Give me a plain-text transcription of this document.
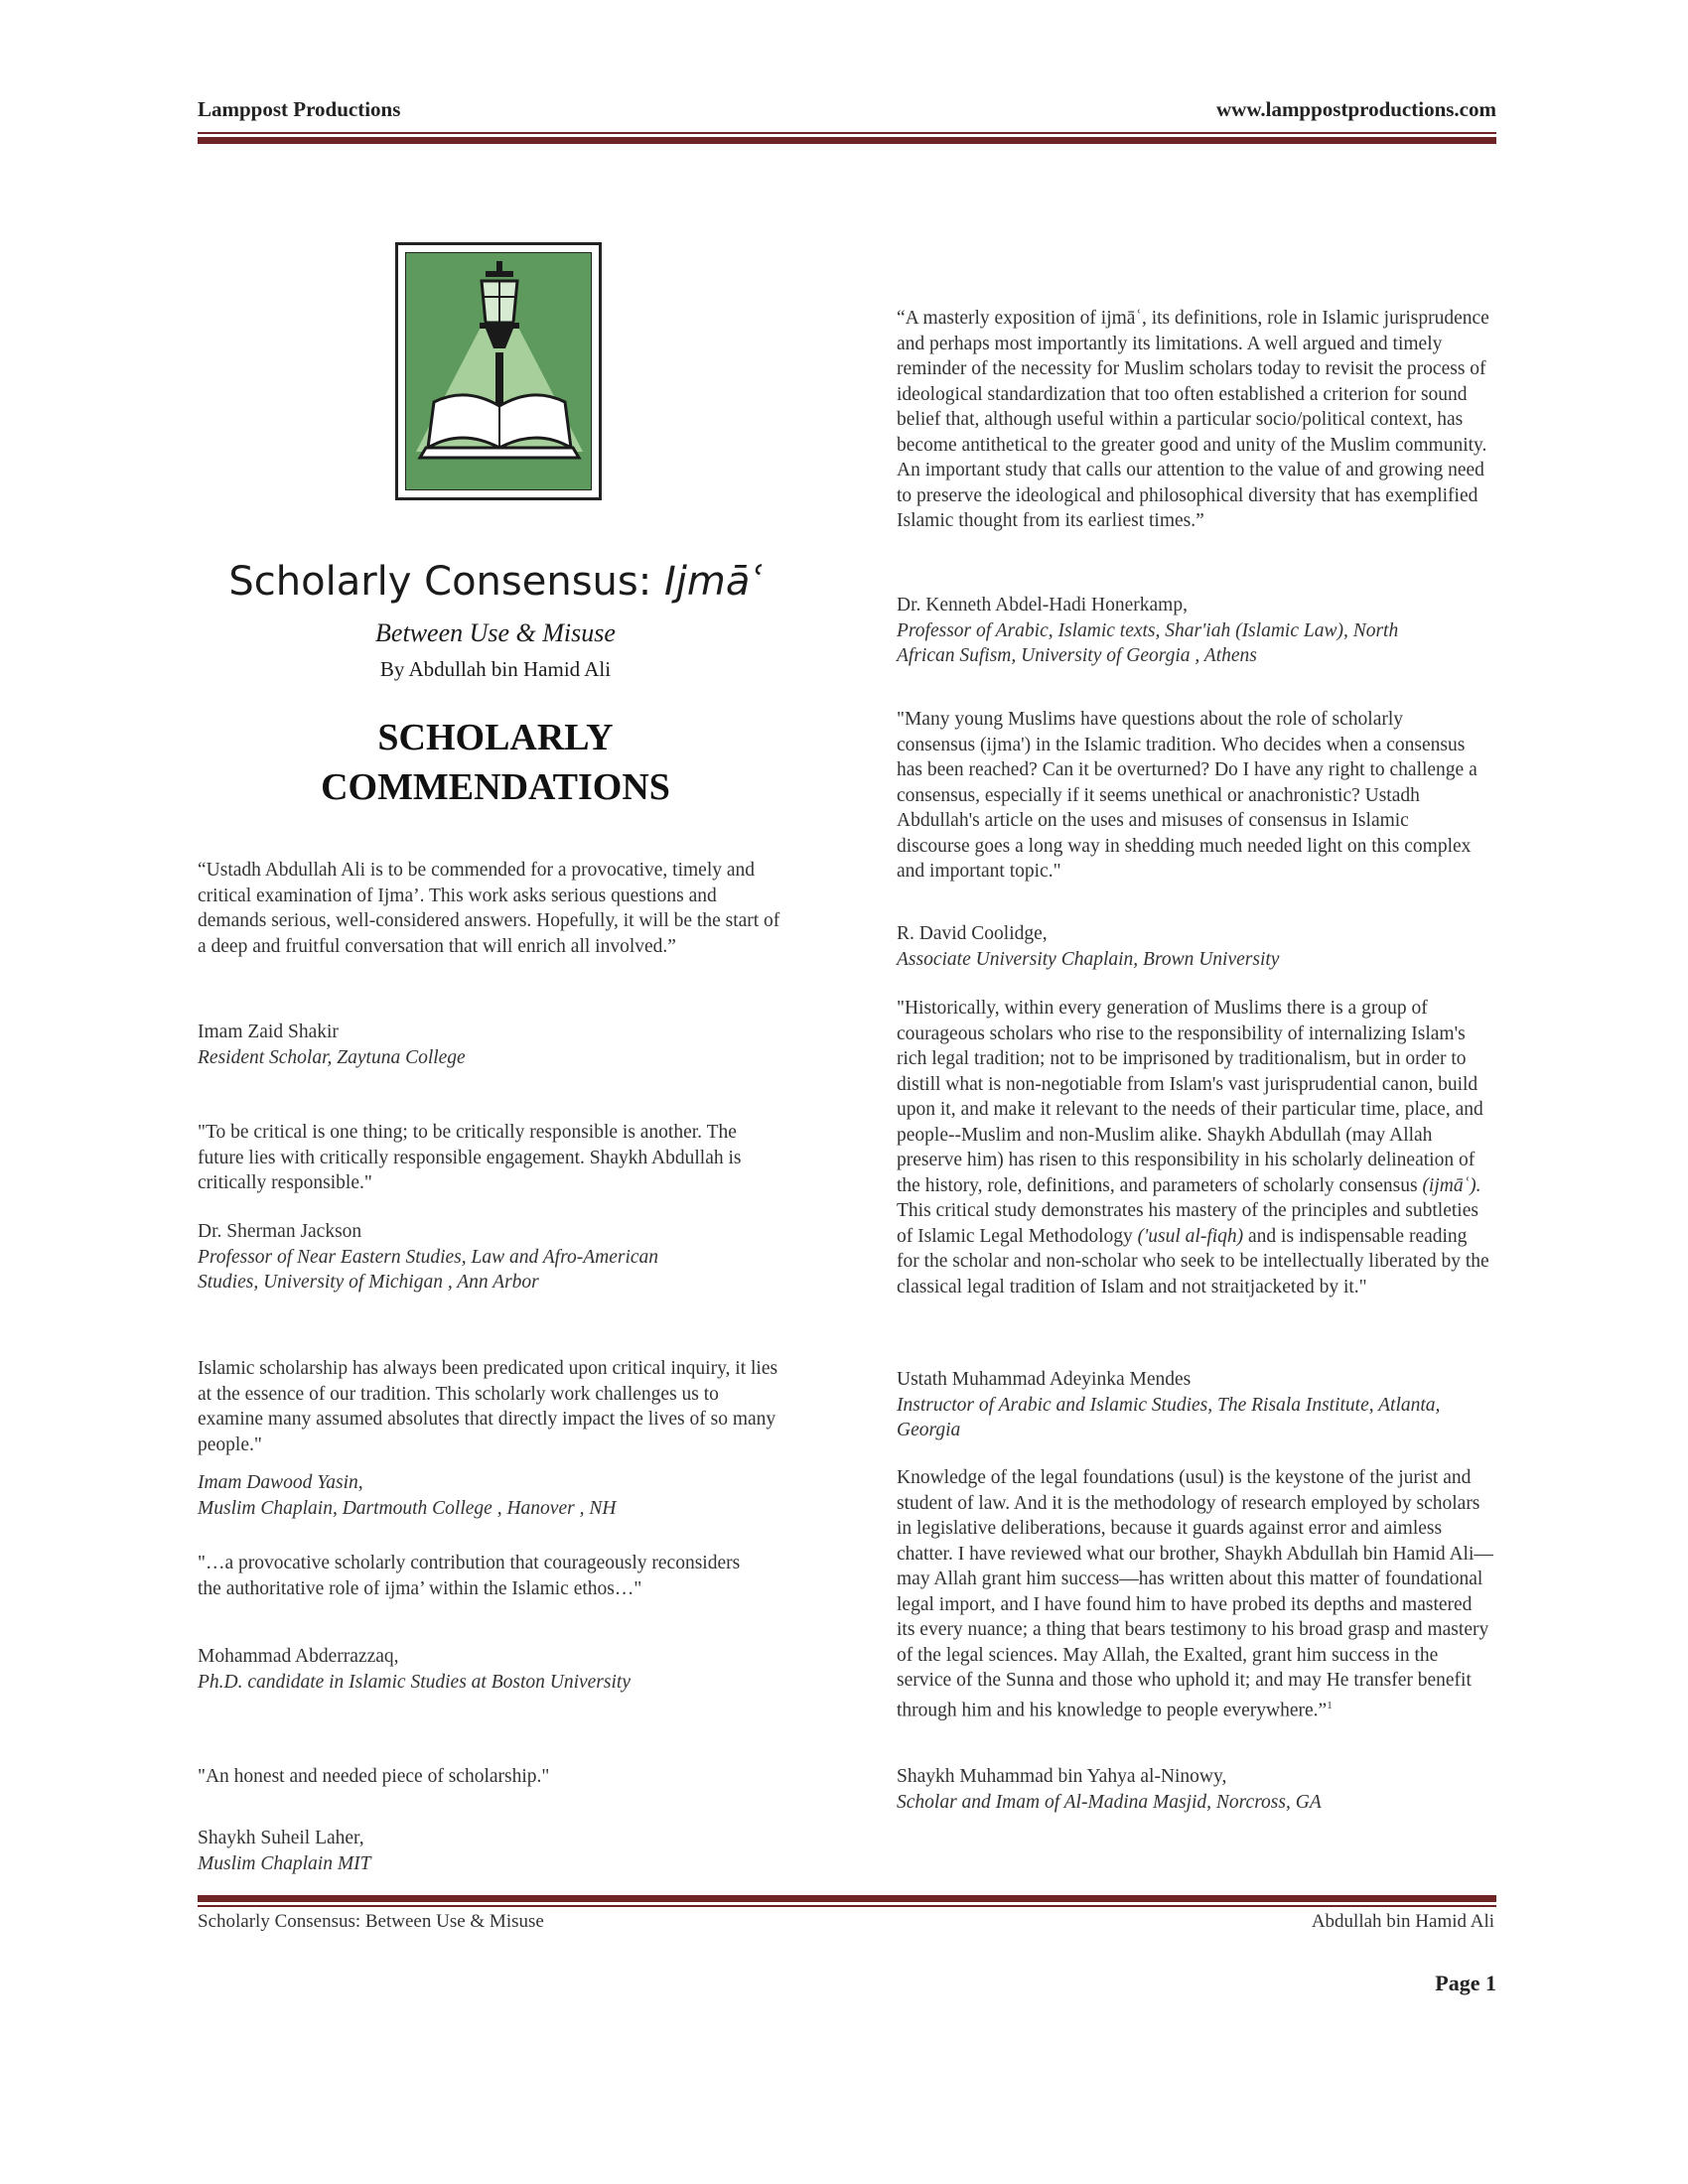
Lamppost Productions	www.lamppostproductions.com
Scholarly Consensus: Ijmāʿ
Between Use & Misuse
By Abdullah bin Hamid Ali
SCHOLARLY
COMMENDATIONS

“Ustadh Abdullah Ali is to be commended for a provocative, timely and critical examination of Ijma’. This work asks serious questions and demands serious, well-considered answers. Hopefully, it will be the start of a deep and fruitful conversation that will enrich all involved.”

Imam Zaid Shakir

Resident Scholar, Zaytuna College

"To be critical is one thing; to be critically responsible is another. The future lies with critically responsible engagement. Shaykh Abdullah is critically responsible."

Dr. Sherman Jackson

Professor of Near Eastern Studies, Law and Afro-American Studies, University of Michigan , Ann Arbor

Islamic scholarship has always been predicated upon critical inquiry, it lies at the essence of our tradition. This scholarly work challenges us to examine many assumed absolutes that directly impact the lives of so many people."

Imam Dawood Yasin,

Muslim Chaplain, Dartmouth College , Hanover , NH

"…a provocative scholarly contribution that courageously reconsiders the authoritative role of ijma’ within the Islamic ethos…"

Mohammad Abderrazzaq,

Ph.D. candidate in Islamic Studies at Boston University

"An honest and needed piece of scholarship."

Shaykh Suheil Laher,

Muslim Chaplain MIT

“A masterly exposition of ijmāʿ, its definitions, role in Islamic jurisprudence and perhaps most importantly its limitations. A well argued and timely reminder of the necessity for Muslim scholars today to revisit the process of ideological standardization that too often established a criterion for sound belief that, although useful within a particular socio/political context, has become antithetical to the greater good and unity of the Muslim community. An important study that calls our attention to the value of and growing need to preserve the ideological and philosophical diversity that has exemplified Islamic thought from its earliest times.”

Dr. Kenneth Abdel-Hadi Honerkamp,

Professor of Arabic, Islamic texts, Shar'iah (Islamic Law), North African Sufism, University of Georgia , Athens

"Many young Muslims have questions about the role of scholarly consensus (ijma') in the Islamic tradition. Who decides when a consensus has been reached? Can it be overturned? Do I have any right to challenge a consensus, especially if it seems unethical or anachronistic? Ustadh Abdullah's article on the uses and misuses of consensus in Islamic discourse goes a long way in shedding much needed light on this complex and important topic."

R. David Coolidge,

Associate University Chaplain, Brown University

"Historically, within every generation of Muslims there is a group of courageous scholars who rise to the responsibility of internalizing Islam's rich legal tradition; not to be imprisoned by traditionalism, but in order to distill what is non-negotiable from Islam's vast jurisprudential canon, build upon it, and make it relevant to the needs of their particular time, place, and people--Muslim and non-Muslim alike. Shaykh Abdullah (may Allah preserve him) has risen to this responsibility in his scholarly delineation of the history, role, definitions, and parameters of scholarly consensus (ijmāʿ). This critical study demonstrates his mastery of the principles and subtleties of Islamic Legal Methodology ('usul al-fiqh) and is indispensable reading for the scholar and non-scholar who seek to be intellectually liberated by the classical legal tradition of Islam and not straitjacketed by it."

Ustath Muhammad Adeyinka Mendes

Instructor of Arabic and Islamic Studies, The Risala Institute, Atlanta, Georgia

Knowledge of the legal foundations (usul) is the keystone of the jurist and student of law. And it is the methodology of research employed by scholars in legislative deliberations, because it guards against error and aimless chatter. I have reviewed what our brother, Shaykh Abdullah bin Hamid Ali—may Allah grant him success—has written about this matter of foundational legal import, and I have found him to have probed its depths and mastered its every nuance; a thing that bears testimony to his broad grasp and mastery of the legal sciences. May Allah, the Exalted, grant him success in the service of the Sunna and those who uphold it; and may He transfer benefit through him and his knowledge to people everywhere.”$^1$

Shaykh Muhammad bin Yahya al-Ninowy,

Scholar and Imam of Al-Madina Masjid, Norcross, GA

Scholarly Consensus: Between Use & Misuse	Abdullah bin Hamid Ali
Page 1
